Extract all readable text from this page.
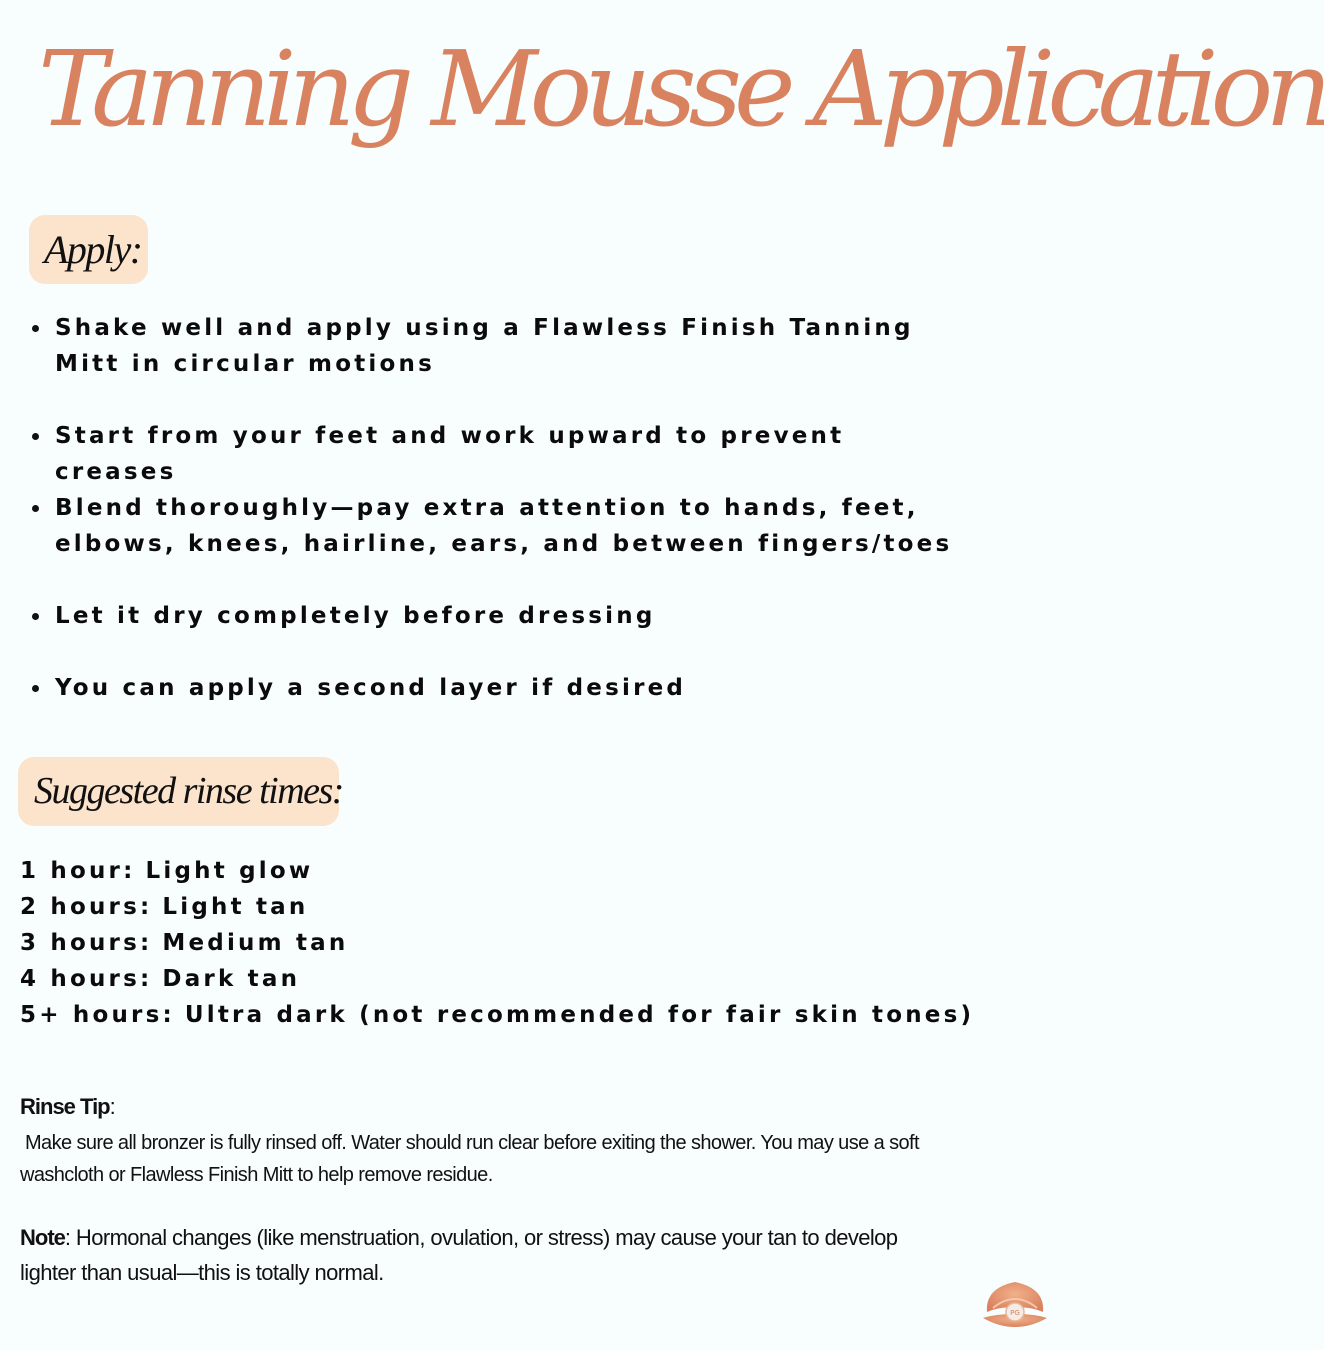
Tanning Mousse Application
Apply:
Shake well and apply using a Flawless Finish Tanning
Mitt in circular motions
Start from your feet and work upward to prevent creases
Blend thoroughly—pay extra attention to hands, feet,
elbows, knees, hairline, ears, and between fingers/toes
Let it dry completely before dressing
You can apply a second layer if desired
Suggested rinse times:
1 hour: Light glow
2 hours: Light tan
3 hours: Medium tan
4 hours: Dark tan
5+ hours: Ultra dark (not recommended for fair skin tones)
Rinse Tip:
Make sure all bronzer is fully rinsed off. Water should run clear before exiting the shower. You may use a soft
washcloth or Flawless Finish Mitt to help remove residue.
Note: Hormonal changes (like menstruation, ovulation, or stress) may cause your tan to develop
lighter than usual—this is totally normal.
PG
